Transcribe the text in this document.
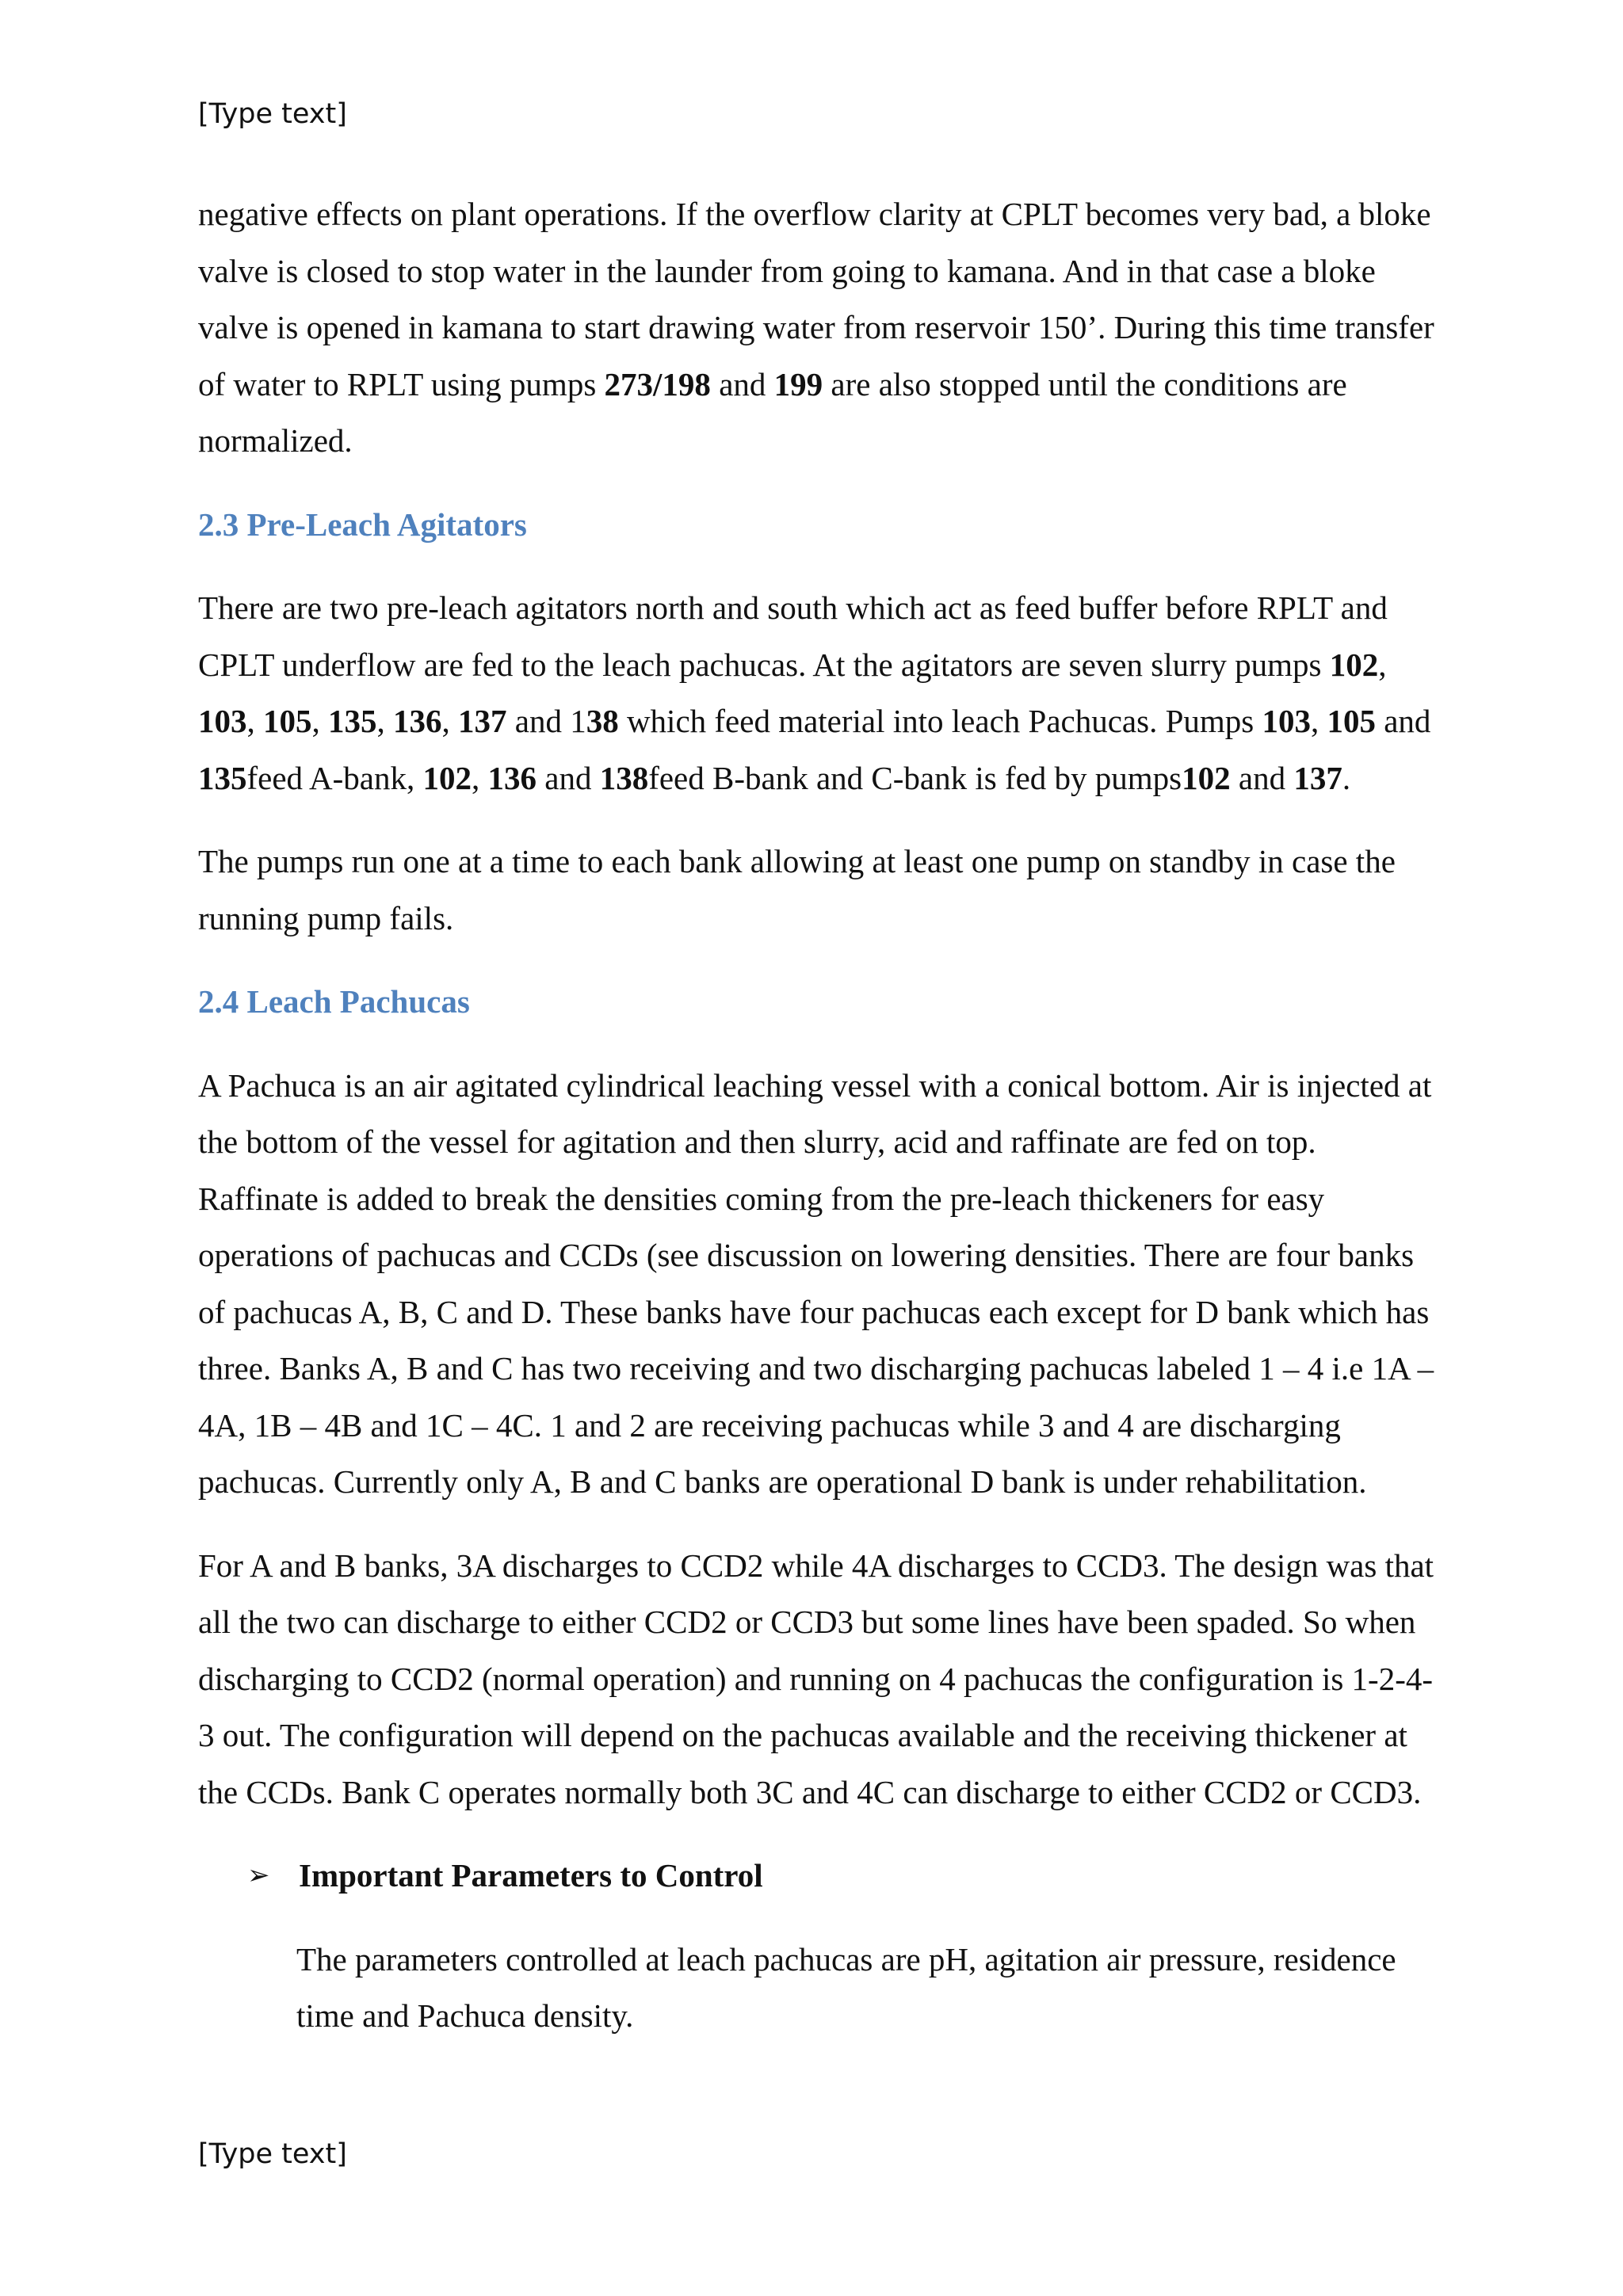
[Type text]

negative effects on plant operations. If the overflow clarity at CPLT becomes very bad, a bloke valve is closed to stop water in the launder from going to kamana. And in that case a bloke valve is opened in kamana to start drawing water from reservoir 150’. During this time transfer of water to RPLT using pumps 273/198 and 199 are also stopped until the conditions are normalized.

2.3 Pre-Leach Agitators

There are two pre-leach agitators north and south which act as feed buffer before RPLT and CPLT underflow are fed to the leach pachucas. At the agitators are seven slurry pumps 102, 103, 105, 135, 136, 137 and 138 which feed material into leach Pachucas. Pumps 103, 105 and 135feed A-bank, 102, 136 and 138feed B-bank and C-bank is fed by pumps102 and 137.

The pumps run one at a time to each bank allowing at least one pump on standby in case the running pump fails.

2.4 Leach Pachucas

A Pachuca is an air agitated cylindrical leaching vessel with a conical bottom. Air is injected at the bottom of the vessel for agitation and then slurry, acid and raffinate are fed on top. Raffinate is added to break the densities coming from the pre-leach thickeners for easy operations of pachucas and CCDs (see discussion on lowering densities. There are four banks of pachucas A, B, C and D. These banks have four pachucas each except for D bank which has three. Banks A, B and C has two receiving and two discharging pachucas labeled 1 – 4 i.e 1A – 4A, 1B – 4B and 1C – 4C. 1 and 2 are receiving pachucas while 3 and 4 are discharging pachucas. Currently only A, B and C banks are operational D bank is under rehabilitation.

For A and B banks, 3A discharges to CCD2 while 4A discharges to CCD3. The design was that all the two can discharge to either CCD2 or CCD3 but some lines have been spaded. So when discharging to CCD2 (normal operation) and running on 4 pachucas the configuration is 1-2-4-3 out. The configuration will depend on the pachucas available and the receiving thickener at the CCDs. Bank C operates normally both 3C and 4C can discharge to either CCD2 or CCD3.

➢ Important Parameters to Control

The parameters controlled at leach pachucas are pH, agitation air pressure, residence time and Pachuca density.

[Type text]
